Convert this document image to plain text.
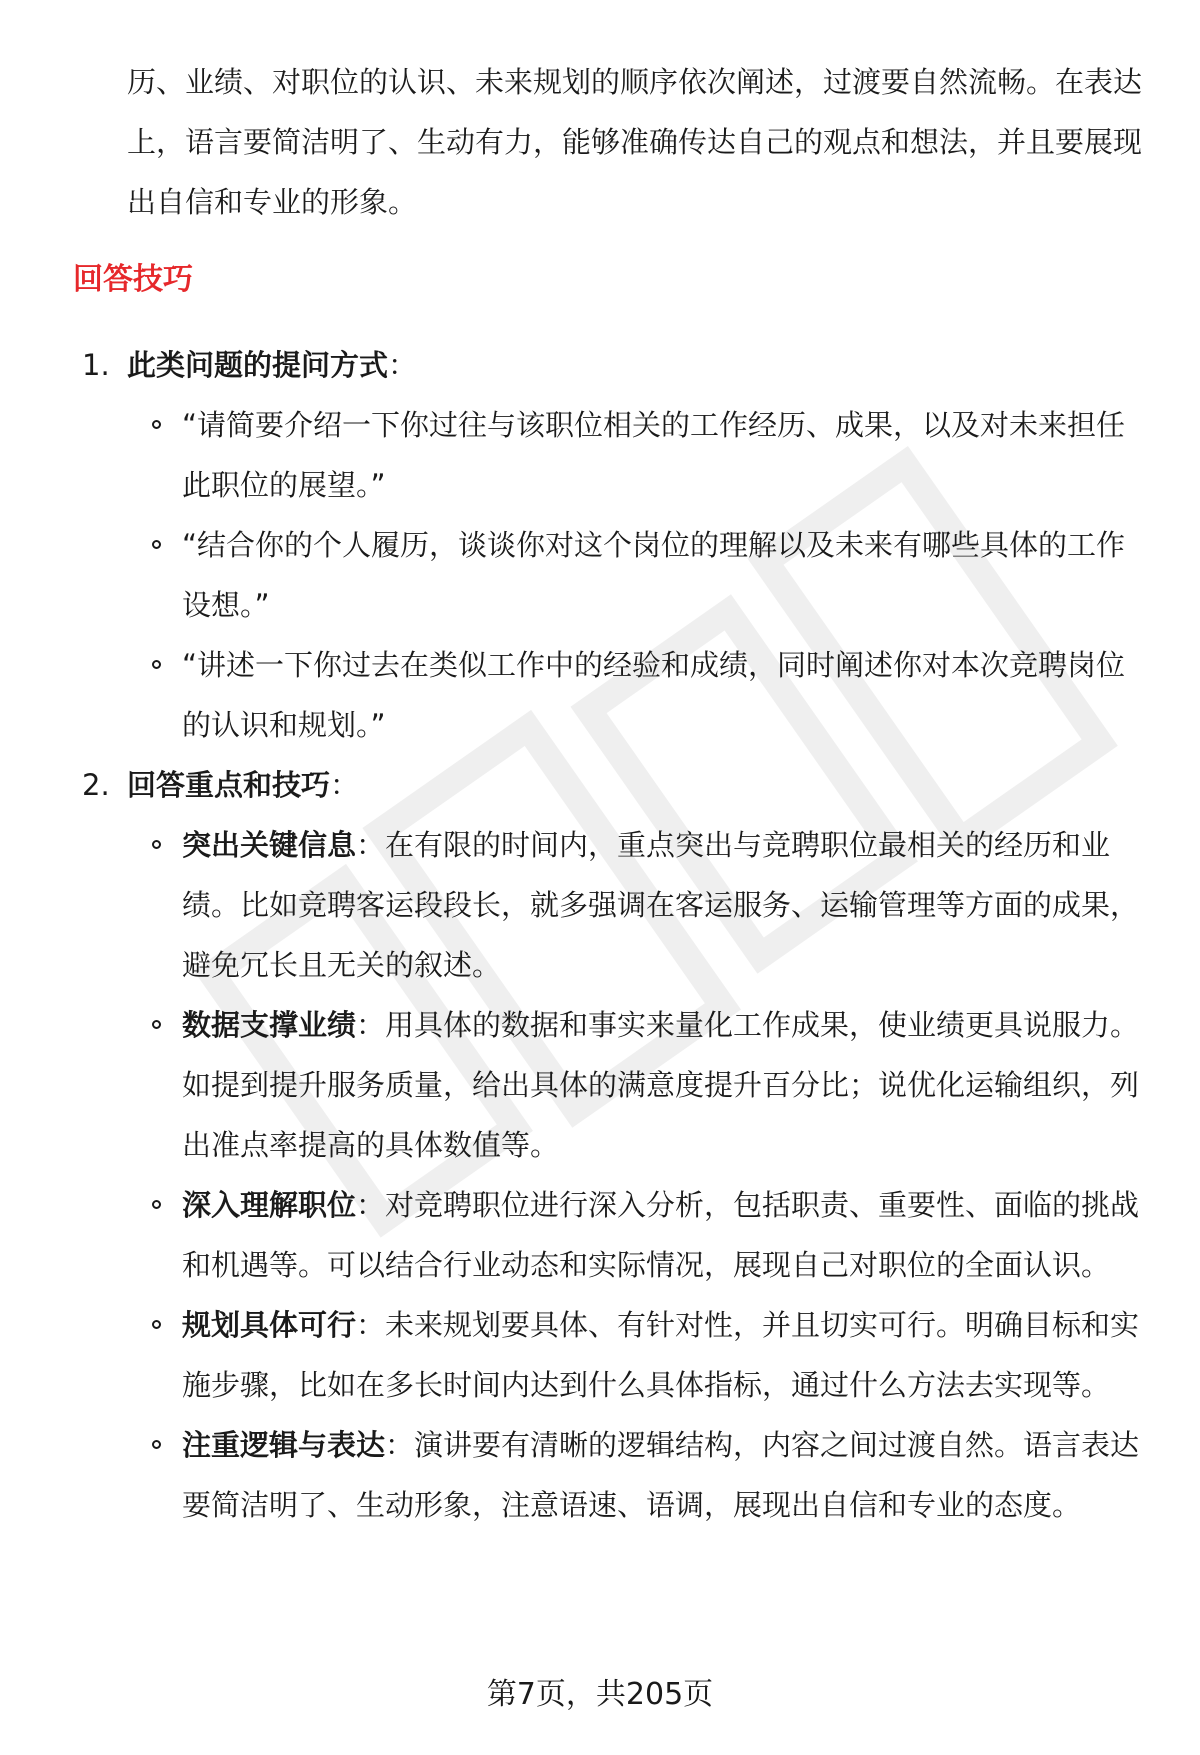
历、业绩、对职位的认识、未来规划的顺序依次阐述，过渡要自然流畅。在表达上，语言要简洁明了、生动有力，能够准确传达自己的观点和想法，并且要展现出自信和专业的形象。

回答技巧
1. 此类问题的提问方式：
“请简要介绍一下你过往与该职位相关的工作经历、成果，以及对未来担任此职位的展望。”
“结合你的个人履历，谈谈你对这个岗位的理解以及未来有哪些具体的工作设想。”
“讲述一下你过去在类似工作中的经验和成绩，同时阐述你对本次竞聘岗位的认识和规划。”
2. 回答重点和技巧：
突出关键信息：在有限的时间内，重点突出与竞聘职位最相关的经历和业绩。比如竞聘客运段段长，就多强调在客运服务、运输管理等方面的成果，避免冗长且无关的叙述。
数据支撑业绩：用具体的数据和事实来量化工作成果，使业绩更具说服力。如提到提升服务质量，给出具体的满意度提升百分比；说优化运输组织，列出准点率提高的具体数值等。
深入理解职位：对竞聘职位进行深入分析，包括职责、重要性、面临的挑战和机遇等。可以结合行业动态和实际情况，展现自己对职位的全面认识。
规划具体可行：未来规划要具体、有针对性，并且切实可行。明确目标和实施步骤，比如在多长时间内达到什么具体指标，通过什么方法去实现等。
注重逻辑与表达：演讲要有清晰的逻辑结构，内容之间过渡自然。语言表达要简洁明了、生动形象，注意语速、语调，展现出自信和专业的态度。
第7页，共205页
